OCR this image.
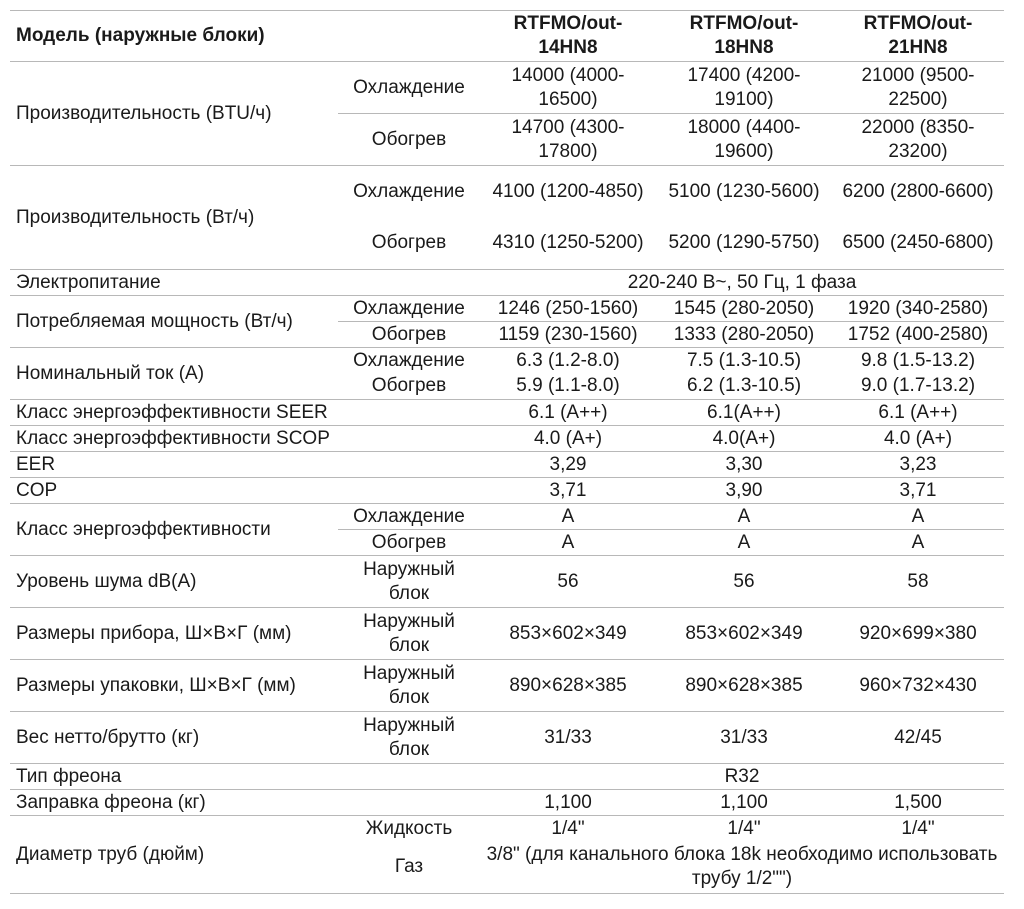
Модель (наружные блоки)		RTFMO/out-14HN8	RTFMO/out-18HN8	RTFMO/out-21HN8
Производительность (BTU/ч)	Охлаждение	14000 (4000-16500)	17400 (4200-19100)	21000 (9500-22500)
	Обогрев	14700 (4300-17800)	18000 (4400-19600)	22000 (8350-23200)
Производительность (Вт/ч)	Охлаждение	4100 (1200-4850)	5100 (1230-5600)	6200 (2800-6600)
	Обогрев	4310 (1250-5200)	5200 (1290-5750)	6500 (2450-6800)
Электропитание		220-240 В~, 50 Гц, 1 фаза		
Потребляемая мощность (Вт/ч)	Охлаждение	1246 (250-1560)	1545 (280-2050)	1920 (340-2580)
	Обогрев	1159 (230-1560)	1333 (280-2050)	1752 (400-2580)
Номинальный ток (A)	Охлаждение	6.3 (1.2-8.0)	7.5 (1.3-10.5)	9.8 (1.5-13.2)
	Обогрев	5.9 (1.1-8.0)	6.2 (1.3-10.5)	9.0 (1.7-13.2)
Класс энергоэффективности SEER		6.1 (A++)	6.1(A++)	6.1 (A++)
Класс энергоэффективности SCOP		4.0 (A+)	4.0(A+)	4.0 (A+)
EER		3,29	3,30	3,23
COP		3,71	3,90	3,71
Класс энергоэффективности	Охлаждение	A	A	A
	Обогрев	A	A	A
Уровень шума dB(A)	Наружный блок	56	56	58
Размеры прибора, Ш×В×Г (мм)	Наружный блок	853×602×349	853×602×349	920×699×380
Размеры упаковки, Ш×В×Г (мм)	Наружный блок	890×628×385	890×628×385	960×732×430
Вес нетто/брутто (кг)	Наружный блок	31/33	31/33	42/45
Тип фреона		R32		
Заправка фреона (кг)		1,100	1,100	1,500
Диаметр труб (дюйм)	Жидкость	1/4"	1/4"	1/4"
	Газ	3/8" (для канального блока 18k необходимо использовать трубу 1/2"")		
